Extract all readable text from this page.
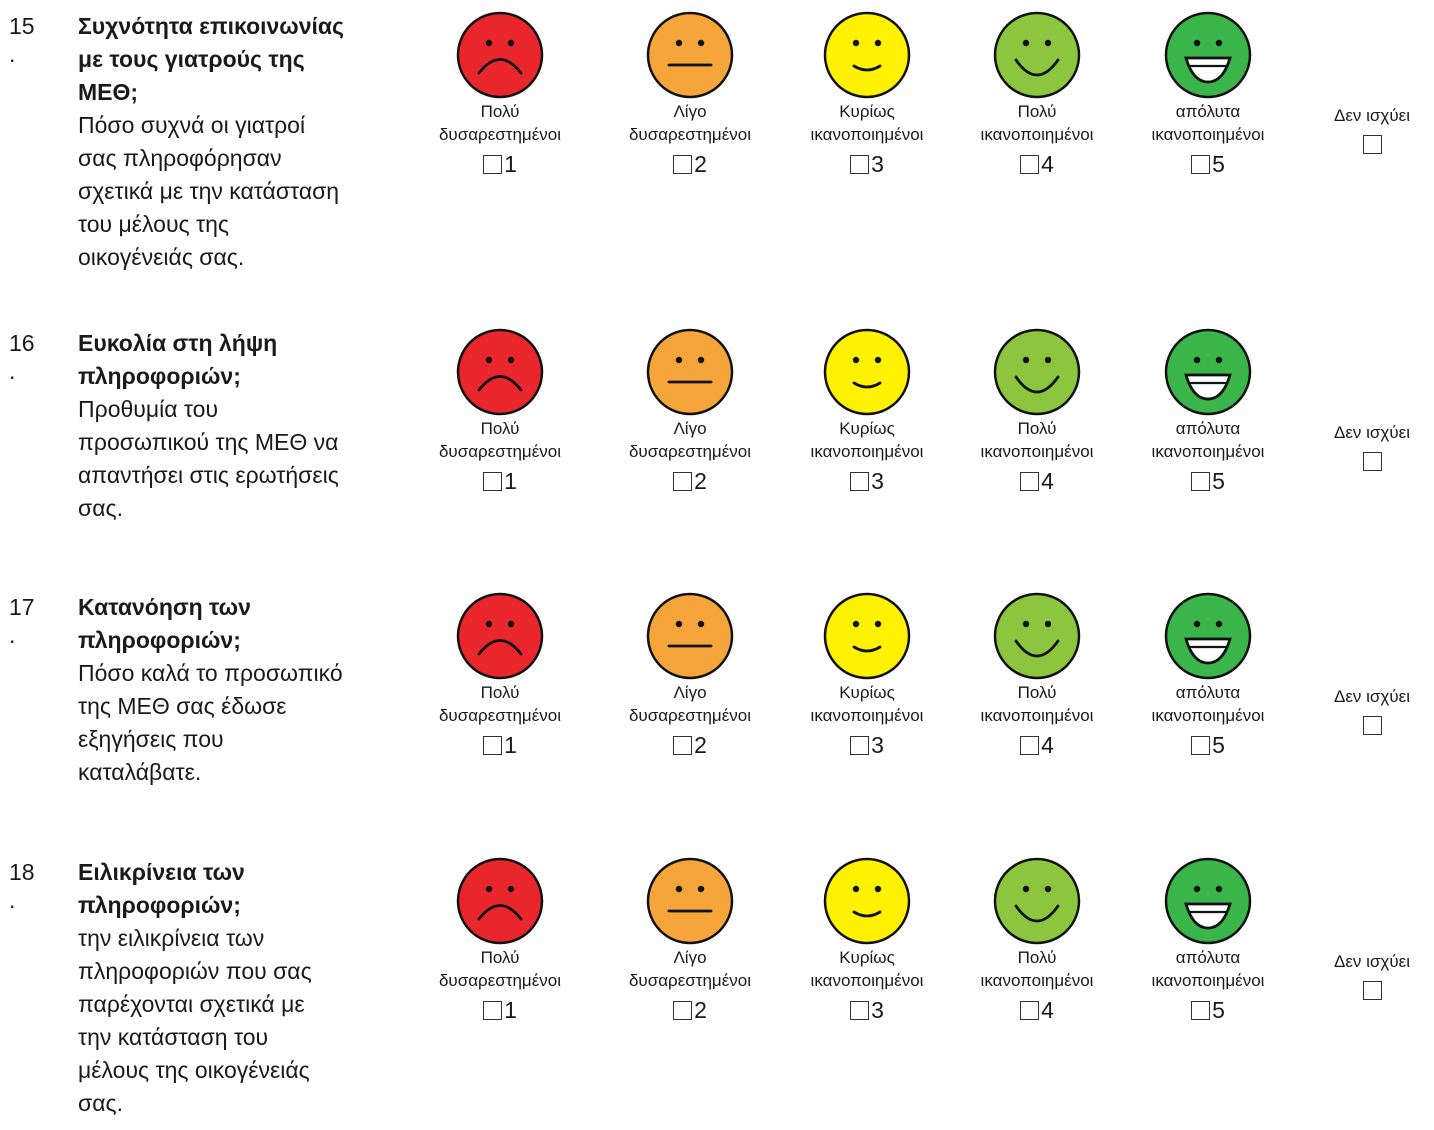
15
.
Συχνότητα επικοινωνίας
με τους γιατρούς της
ΜΕΘ;
Πόσο συχνά οι γιατροί
σας πληροφόρησαν
σχετικά με την κατάσταση
του μέλους της
οικογένειάς σας.
Πολύ
δυσαρεστημένοι
1
Λίγο
δυσαρεστημένοι
2
Κυρίως
ικανοποιημένοι
3
Πολύ
ικανοποιημένοι
4
απόλυτα
ικανοποιημένοι
5
Δεν ισχύει
16
.
Ευκολία στη λήψη
πληροφοριών;
Προθυμία του
προσωπικού της ΜΕΘ να
απαντήσει στις ερωτήσεις
σας.
Πολύ
δυσαρεστημένοι
1
Λίγο
δυσαρεστημένοι
2
Κυρίως
ικανοποιημένοι
3
Πολύ
ικανοποιημένοι
4
απόλυτα
ικανοποιημένοι
5
Δεν ισχύει
17
.
Κατανόηση των
πληροφοριών;
Πόσο καλά το προσωπικό
της ΜΕΘ σας έδωσε
εξηγήσεις που
καταλάβατε.
Πολύ
δυσαρεστημένοι
1
Λίγο
δυσαρεστημένοι
2
Κυρίως
ικανοποιημένοι
3
Πολύ
ικανοποιημένοι
4
απόλυτα
ικανοποιημένοι
5
Δεν ισχύει
18
.
Ειλικρίνεια των
πληροφοριών;
την ειλικρίνεια των
πληροφοριών που σας
παρέχονται σχετικά με
την κατάσταση του
μέλους της οικογένειάς
σας.
Πολύ
δυσαρεστημένοι
1
Λίγο
δυσαρεστημένοι
2
Κυρίως
ικανοποιημένοι
3
Πολύ
ικανοποιημένοι
4
απόλυτα
ικανοποιημένοι
5
Δεν ισχύει
